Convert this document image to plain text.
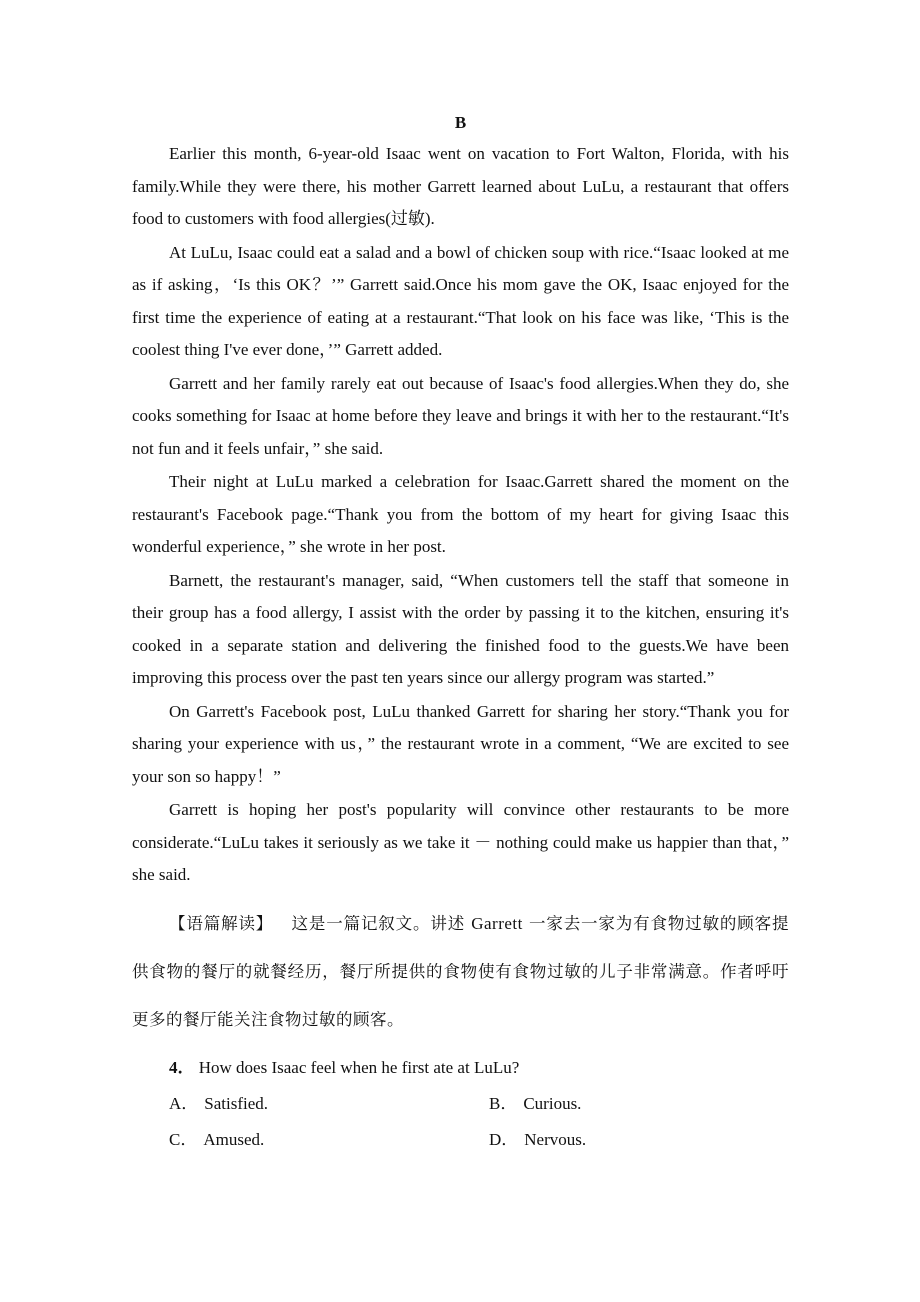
B

Earlier this month, 6-year-old Isaac went on vacation to Fort Walton, Florida, with his family.While they were there, his mother Garrett learned about LuLu, a restaurant that offers food to customers with food allergies(过敏).

At LuLu, Isaac could eat a salad and a bowl of chicken soup with rice.“Isaac looked at me as if asking，‘Is this OK？’” Garrett said.Once his mom gave the OK, Isaac enjoyed for the first time the experience of eating at a restaurant.“That look on his face was like, ‘This is the coolest thing I've ever done，’” Garrett added.

Garrett and her family rarely eat out because of Isaac's food allergies.When they do, she cooks something for Isaac at home before they leave and brings it with her to the restaurant.“It's not fun and it feels unfair，” she said.

Their night at LuLu marked a celebration for Isaac.Garrett shared the moment on the restaurant's Facebook page.“Thank you from the bottom of my heart for giving Isaac this wonderful experience，” she wrote in her post.

Barnett, the restaurant's manager, said, “When customers tell the staff that someone in their group has a food allergy, I assist with the order by passing it to the kitchen, ensuring it's cooked in a separate station and delivering the finished food to the guests.We have been improving this process over the past ten years since our allergy program was started.”

On Garrett's Facebook post, LuLu thanked Garrett for sharing her story.“Thank you for sharing your experience with us，” the restaurant wrote in a comment, “We are excited to see your son so happy！”

Garrett is hoping her post's popularity will convince other restaurants to be more considerate.“LuLu takes it seriously as we take it － nothing could make us happier than that，” she said.

【语篇解读】 这是一篇记叙文。讲述 Garrett 一家去一家为有食物过敏的顾客提供食物的餐厅的就餐经历，餐厅所提供的食物使有食物过敏的儿子非常满意。作者呼吁更多的餐厅能关注食物过敏的顾客。
4． How does Isaac feel when he first ate at LuLu?
A． Satisfied.	B． Curious.
C． Amused.	D． Nervous.
